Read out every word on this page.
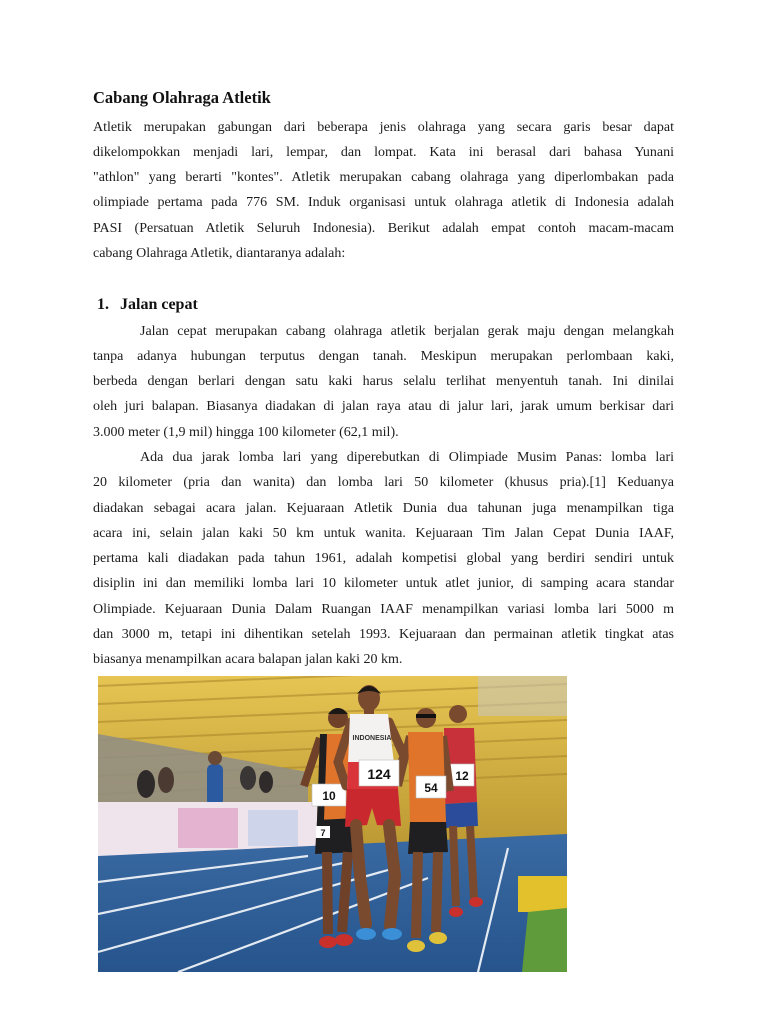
Cabang Olahraga Atletik
Atletik merupakan gabungan dari beberapa jenis olahraga yang secara garis besar dapat
dikelompokkan menjadi lari, lempar, dan lompat. Kata ini berasal dari bahasa Yunani
"athlon" yang berarti "kontes". Atletik merupakan cabang olahraga yang diperlombakan pada
olimpiade pertama pada 776 SM. Induk organisasi untuk olahraga atletik di Indonesia adalah
PASI (Persatuan Atletik Seluruh Indonesia). Berikut adalah empat contoh macam-macam
cabang Olahraga Atletik, diantaranya adalah:
1. Jalan cepat
Jalan cepat merupakan cabang olahraga atletik berjalan gerak maju dengan melangkah
tanpa adanya hubungan terputus dengan tanah. Meskipun merupakan perlombaan kaki,
berbeda dengan berlari dengan satu kaki harus selalu terlihat menyentuh tanah. Ini dinilai
oleh juri balapan. Biasanya diadakan di jalan raya atau di jalur lari, jarak umum berkisar dari
3.000 meter (1,9 mil) hingga 100 kilometer (62,1 mil).
Ada dua jarak lomba lari yang diperebutkan di Olimpiade Musim Panas: lomba lari
20 kilometer (pria dan wanita) dan lomba lari 50 kilometer (khusus pria).[1] Keduanya
diadakan sebagai acara jalan. Kejuaraan Atletik Dunia dua tahunan juga menampilkan tiga
acara ini, selain jalan kaki 50 km untuk wanita. Kejuaraan Tim Jalan Cepat Dunia IAAF,
pertama kali diadakan pada tahun 1961, adalah kompetisi global yang berdiri sendiri untuk
disiplin ini dan memiliki lomba lari 10 kilometer untuk atlet junior, di samping acara standar
Olimpiade. Kejuaraan Dunia Dalam Ruangan IAAF menampilkan variasi lomba lari 5000 m
dan 3000 m, tetapi ini dihentikan setelah 1993. Kejuaraan dan permainan atletik tingkat atas
biasanya menampilkan acara balapan jalan kaki 20 km.
12
54
10
7
INDONESIA
124
